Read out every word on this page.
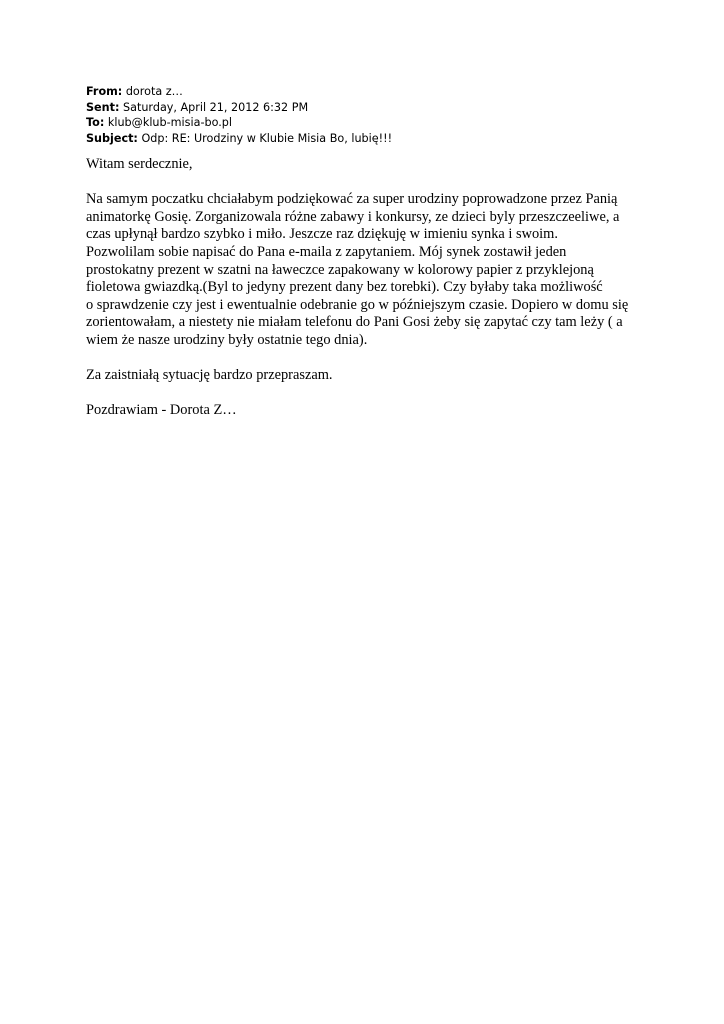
From: dorota z…
Sent: Saturday, April 21, 2012 6:32 PM
To: klub@klub-misia-bo.pl
Subject: Odp: RE: Urodziny w Klubie Misia Bo, lubię!!!

Witam serdecznie,

Na samym poczatku chciałabym podziękować za super urodziny poprowadzone przez Panią
animatorkę Gosię. Zorganizowala różne zabawy i konkursy, ze dzieci byly przeszczeeliwe, a
czas upłynął bardzo szybko i miło. Jeszcze raz dziękuję w imieniu synka i swoim.
Pozwolilam sobie napisać do Pana e-maila z zapytaniem. Mój synek zostawił jeden
prostokatny prezent w szatni na ławeczce zapakowany w kolorowy papier z przyklejoną
fioletowa gwiazdką.(Byl to jedyny prezent dany bez torebki). Czy byłaby taka możliwość
o sprawdzenie czy jest i ewentualnie odebranie go w późniejszym czasie. Dopiero w domu się
zorientowałam, a niestety nie miałam telefonu do Pani Gosi żeby się zapytać czy tam leży ( a
wiem że nasze urodziny były ostatnie tego dnia).

Za zaistniałą sytuację bardzo przepraszam.

Pozdrawiam - Dorota Z…
